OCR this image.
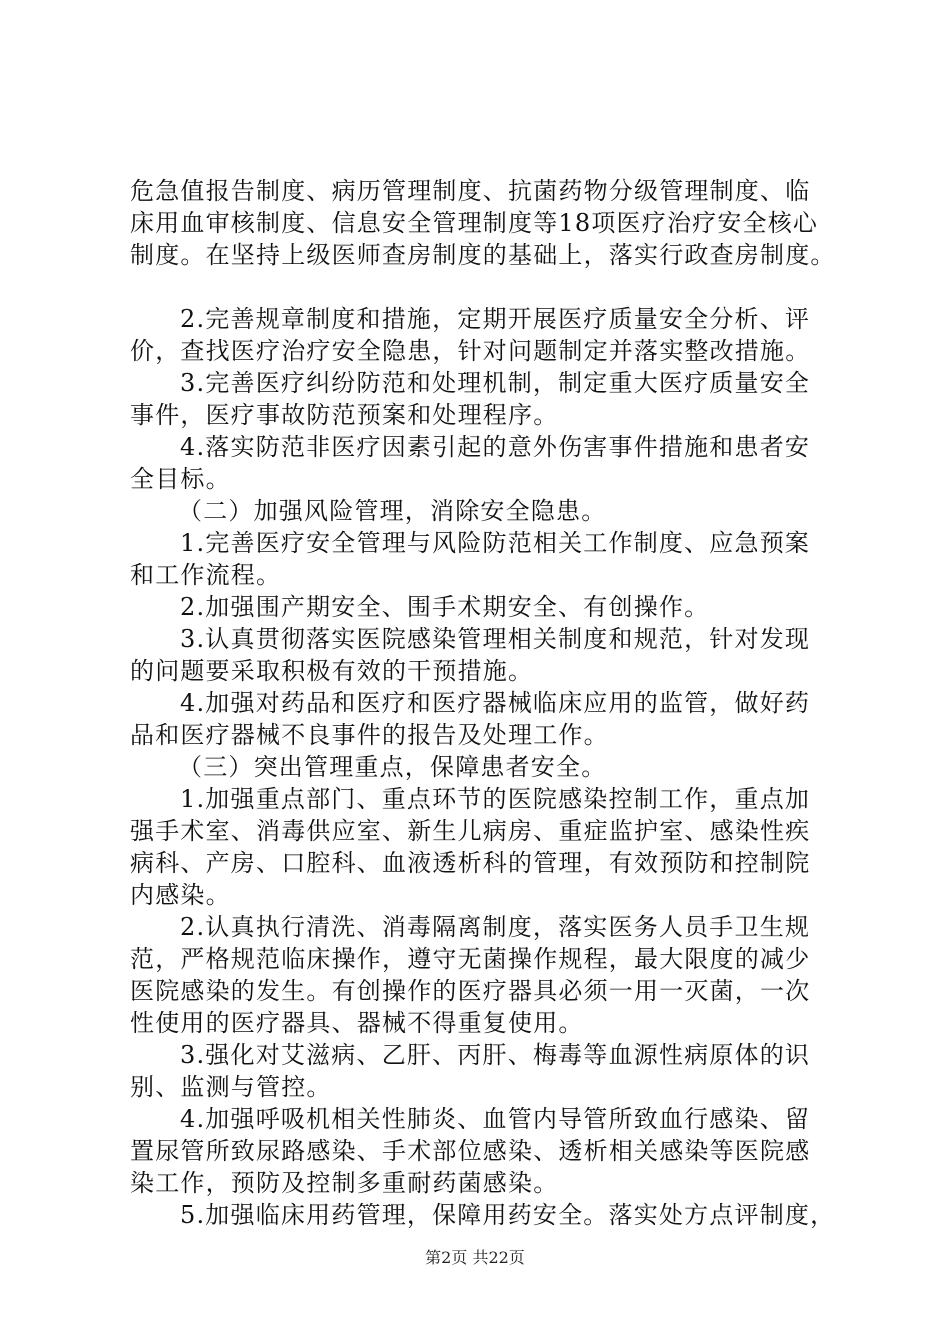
危急值报告制度、病历管理制度、抗菌药物分级管理制度、临
床用血审核制度、信息安全管理制度等18项医疗治疗安全核心
制度。在坚持上级医师查房制度的基础上，落实行政查房制度。
2.完善规章制度和措施，定期开展医疗质量安全分析、评
价，查找医疗治疗安全隐患，针对问题制定并落实整改措施。
3.完善医疗纠纷防范和处理机制，制定重大医疗质量安全
事件，医疗事故防范预案和处理程序。
4.落实防范非医疗因素引起的意外伤害事件措施和患者安
全目标。
（二）加强风险管理，消除安全隐患。
1.完善医疗安全管理与风险防范相关工作制度、应急预案
和工作流程。
2.加强围产期安全、围手术期安全、有创操作。
3.认真贯彻落实医院感染管理相关制度和规范，针对发现
的问题要采取积极有效的干预措施。
4.加强对药品和医疗和医疗器械临床应用的监管，做好药
品和医疗器械不良事件的报告及处理工作。
（三）突出管理重点，保障患者安全。
1.加强重点部门、重点环节的医院感染控制工作，重点加
强手术室、消毒供应室、新生儿病房、重症监护室、感染性疾
病科、产房、口腔科、血液透析科的管理，有效预防和控制院
内感染。
2.认真执行清洗、消毒隔离制度，落实医务人员手卫生规
范，严格规范临床操作，遵守无菌操作规程，最大限度的减少
医院感染的发生。有创操作的医疗器具必须一用一灭菌，一次
性使用的医疗器具、器械不得重复使用。
3.强化对艾滋病、乙肝、丙肝、梅毒等血源性病原体的识
别、监测与管控。
4.加强呼吸机相关性肺炎、血管内导管所致血行感染、留
置尿管所致尿路感染、手术部位感染、透析相关感染等医院感
染工作，预防及控制多重耐药菌感染。
5.加强临床用药管理，保障用药安全。落实处方点评制度，
第2页 共22页
